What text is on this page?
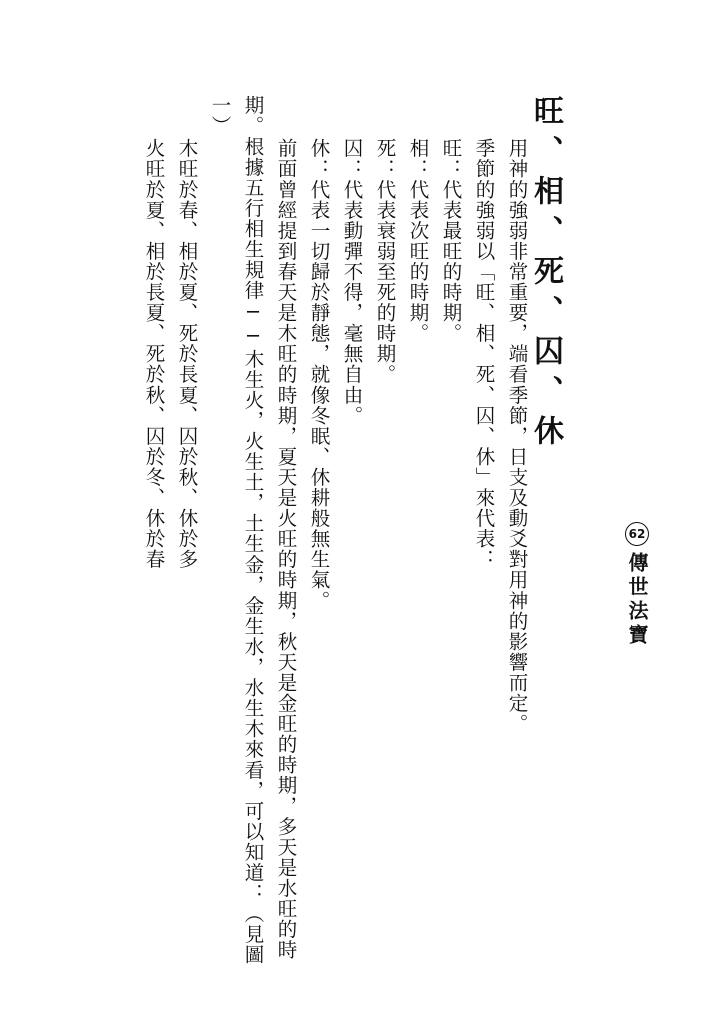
62
傳世法寶
旺、相、死、囚、休
用神的強弱非常重要，端看季節，日支及動爻對用神的影響而定。
季節的強弱以「旺、相、死、囚、休」來代表：
旺：代表最旺的時期。
相：代表次旺的時期。
死：代表衰弱至死的時期。
囚：代表動彈不得，毫無自由。
休：代表一切歸於靜態，就像冬眠、休耕般無生氣。
前面曾經提到春天是木旺的時期，夏天是火旺的時期，秋天是金旺的時期，多天是水旺的時
期。根據五行相生規律──木生火，火生土，土生金，金生水，水生木來看，可以知道：（見圖
一）
木旺於春、相於夏、死於長夏、囚於秋、休於多
火旺於夏、相於長夏、死於秋、囚於冬、休於春
